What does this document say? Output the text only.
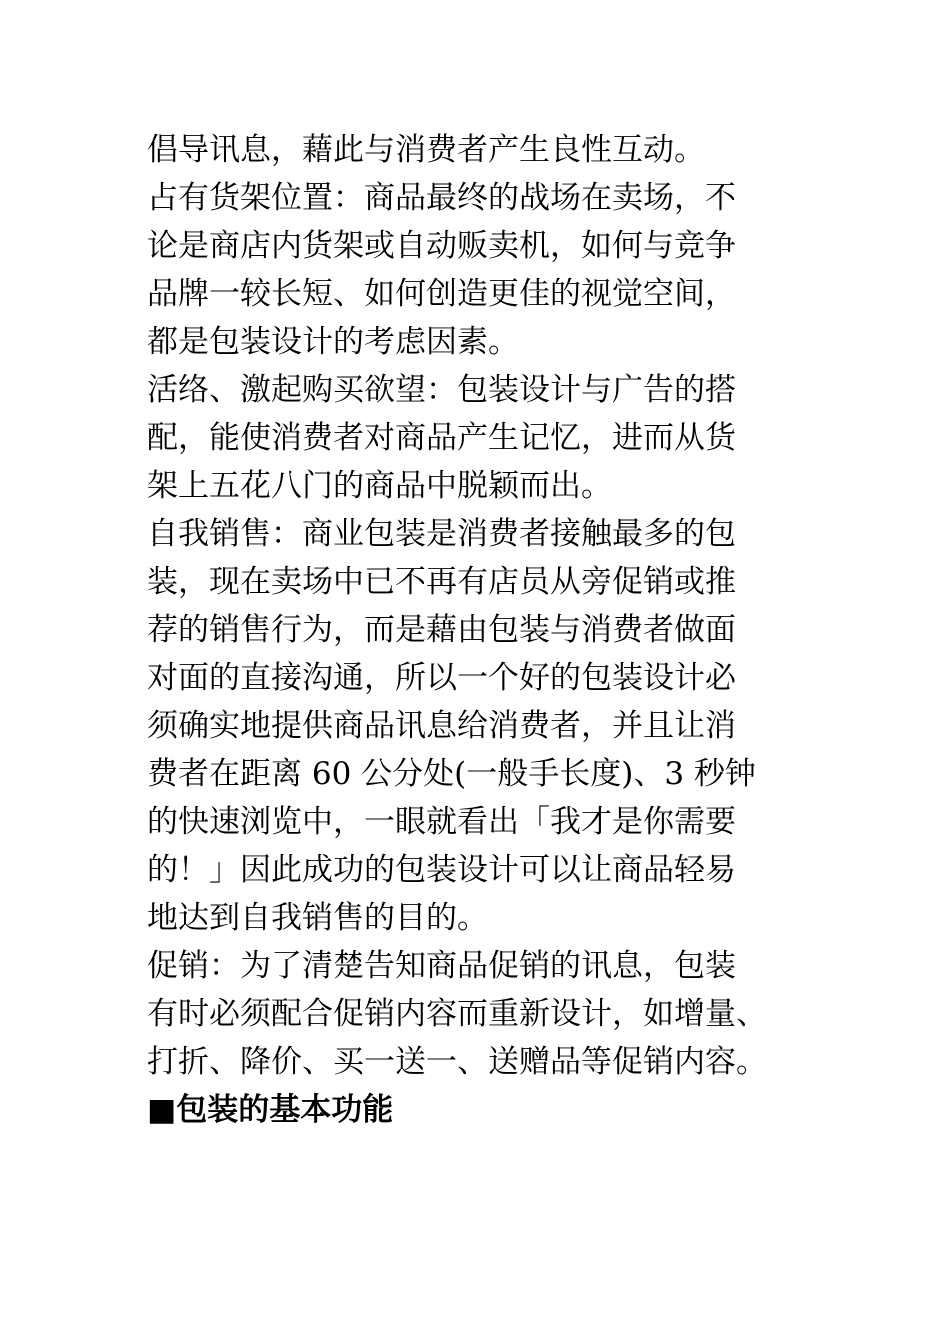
倡导讯息，藉此与消费者产生良性互动。
占有货架位置：商品最终的战场在卖场，不
论是商店内货架或自动贩卖机，如何与竞争
品牌一较长短、如何创造更佳的视觉空间，
都是包装设计的考虑因素。
活络、激起购买欲望：包装设计与广告的搭
配，能使消费者对商品产生记忆，进而从货
架上五花八门的商品中脱颖而出。
自我销售：商业包装是消费者接触最多的包
装，现在卖场中已不再有店员从旁促销或推
荐的销售行为，而是藉由包装与消费者做面
对面的直接沟通，所以一个好的包装设计必
须确实地提供商品讯息给消费者，并且让消
费者在距离 60 公分处(一般手长度)、3 秒钟
的快速浏览中，一眼就看出「我才是你需要
的！」因此成功的包装设计可以让商品轻易
地达到自我销售的目的。
促销：为了清楚告知商品促销的讯息，包装
有时必须配合促销内容而重新设计，如增量、
打折、降价、买一送一、送赠品等促销内容。
■包装的基本功能
